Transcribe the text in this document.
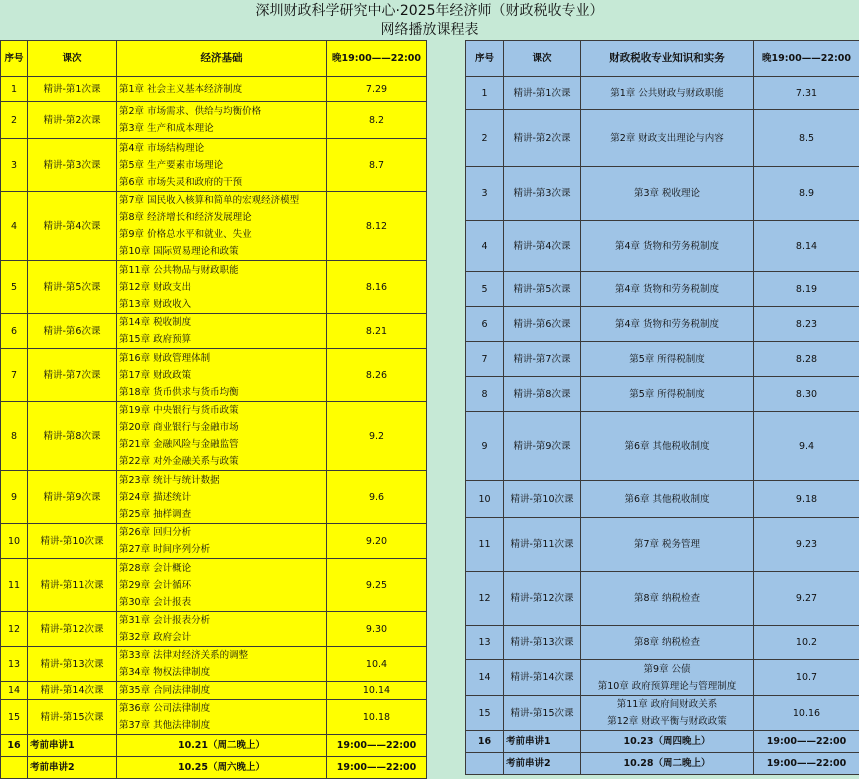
深圳财政科学研究中心·2025年经济师（财政税收专业）
网络播放课程表
序号	课次	经济基础	晚19:00——22:00
1	精讲-第1次课	第1章 社会主义基本经济制度	7.29
2	精讲-第2次课	第2章 市场需求、供给与均衡价格
第3章 生产和成本理论	8.2
3	精讲-第3次课	第4章 市场结构理论
第5章 生产要素市场理论
第6章 市场失灵和政府的干预	8.7
4	精讲-第4次课	第7章 国民收入核算和简单的宏观经济模型
第8章 经济增长和经济发展理论
第9章 价格总水平和就业、失业
第10章 国际贸易理论和政策	8.12
5	精讲-第5次课	第11章 公共物品与财政职能
第12章 财政支出
第13章 财政收入	8.16
6	精讲-第6次课	第14章 税收制度
第15章 政府预算	8.21
7	精讲-第7次课	第16章 财政管理体制
第17章 财政政策
第18章 货币供求与货币均衡	8.26
8	精讲-第8次课	第19章 中央银行与货币政策
第20章 商业银行与金融市场
第21章 金融风险与金融监管
第22章 对外金融关系与政策	9.2
9	精讲-第9次课	第23章 统计与统计数据
第24章 描述统计
第25章 抽样调查	9.6
10	精讲-第10次课	第26章 回归分析
第27章 时间序列分析	9.20
11	精讲-第11次课	第28章 会计概论
第29章 会计循环
第30章 会计报表	9.25
12	精讲-第12次课	第31章 会计报表分析
第32章 政府会计	9.30
13	精讲-第13次课	第33章 法律对经济关系的调整
第34章 物权法律制度	10.4
14	精讲-第14次课	第35章 合同法律制度	10.14
15	精讲-第15次课	第36章 公司法律制度
第37章 其他法律制度	10.18
16	考前串讲1	10.21（周二晚上）	19:00——22:00
	考前串讲2	10.25（周六晚上）	19:00——22:00
序号	课次	财政税收专业知识和实务	晚19:00——22:00
1	精讲-第1次课	第1章 公共财政与财政职能	7.31
2	精讲-第2次课	第2章 财政支出理论与内容	8.5
3	精讲-第3次课	第3章 税收理论	8.9
4	精讲-第4次课	第4章 货物和劳务税制度	8.14
5	精讲-第5次课	第4章 货物和劳务税制度	8.19
6	精讲-第6次课	第4章 货物和劳务税制度	8.23
7	精讲-第7次课	第5章 所得税制度	8.28
8	精讲-第8次课	第5章 所得税制度	8.30
9	精讲-第9次课	第6章 其他税收制度	9.4
10	精讲-第10次课	第6章 其他税收制度	9.18
11	精讲-第11次课	第7章 税务管理	9.23
12	精讲-第12次课	第8章 纳税检查	9.27
13	精讲-第13次课	第8章 纳税检查	10.2
14	精讲-第14次课	第9章 公债
第10章 政府预算理论与管理制度	10.7
15	精讲-第15次课	第11章 政府间财政关系
第12章 财政平衡与财政政策	10.16
16	考前串讲1	10.23（周四晚上）	19:00——22:00
	考前串讲2	10.28（周二晚上）	19:00——22:00
